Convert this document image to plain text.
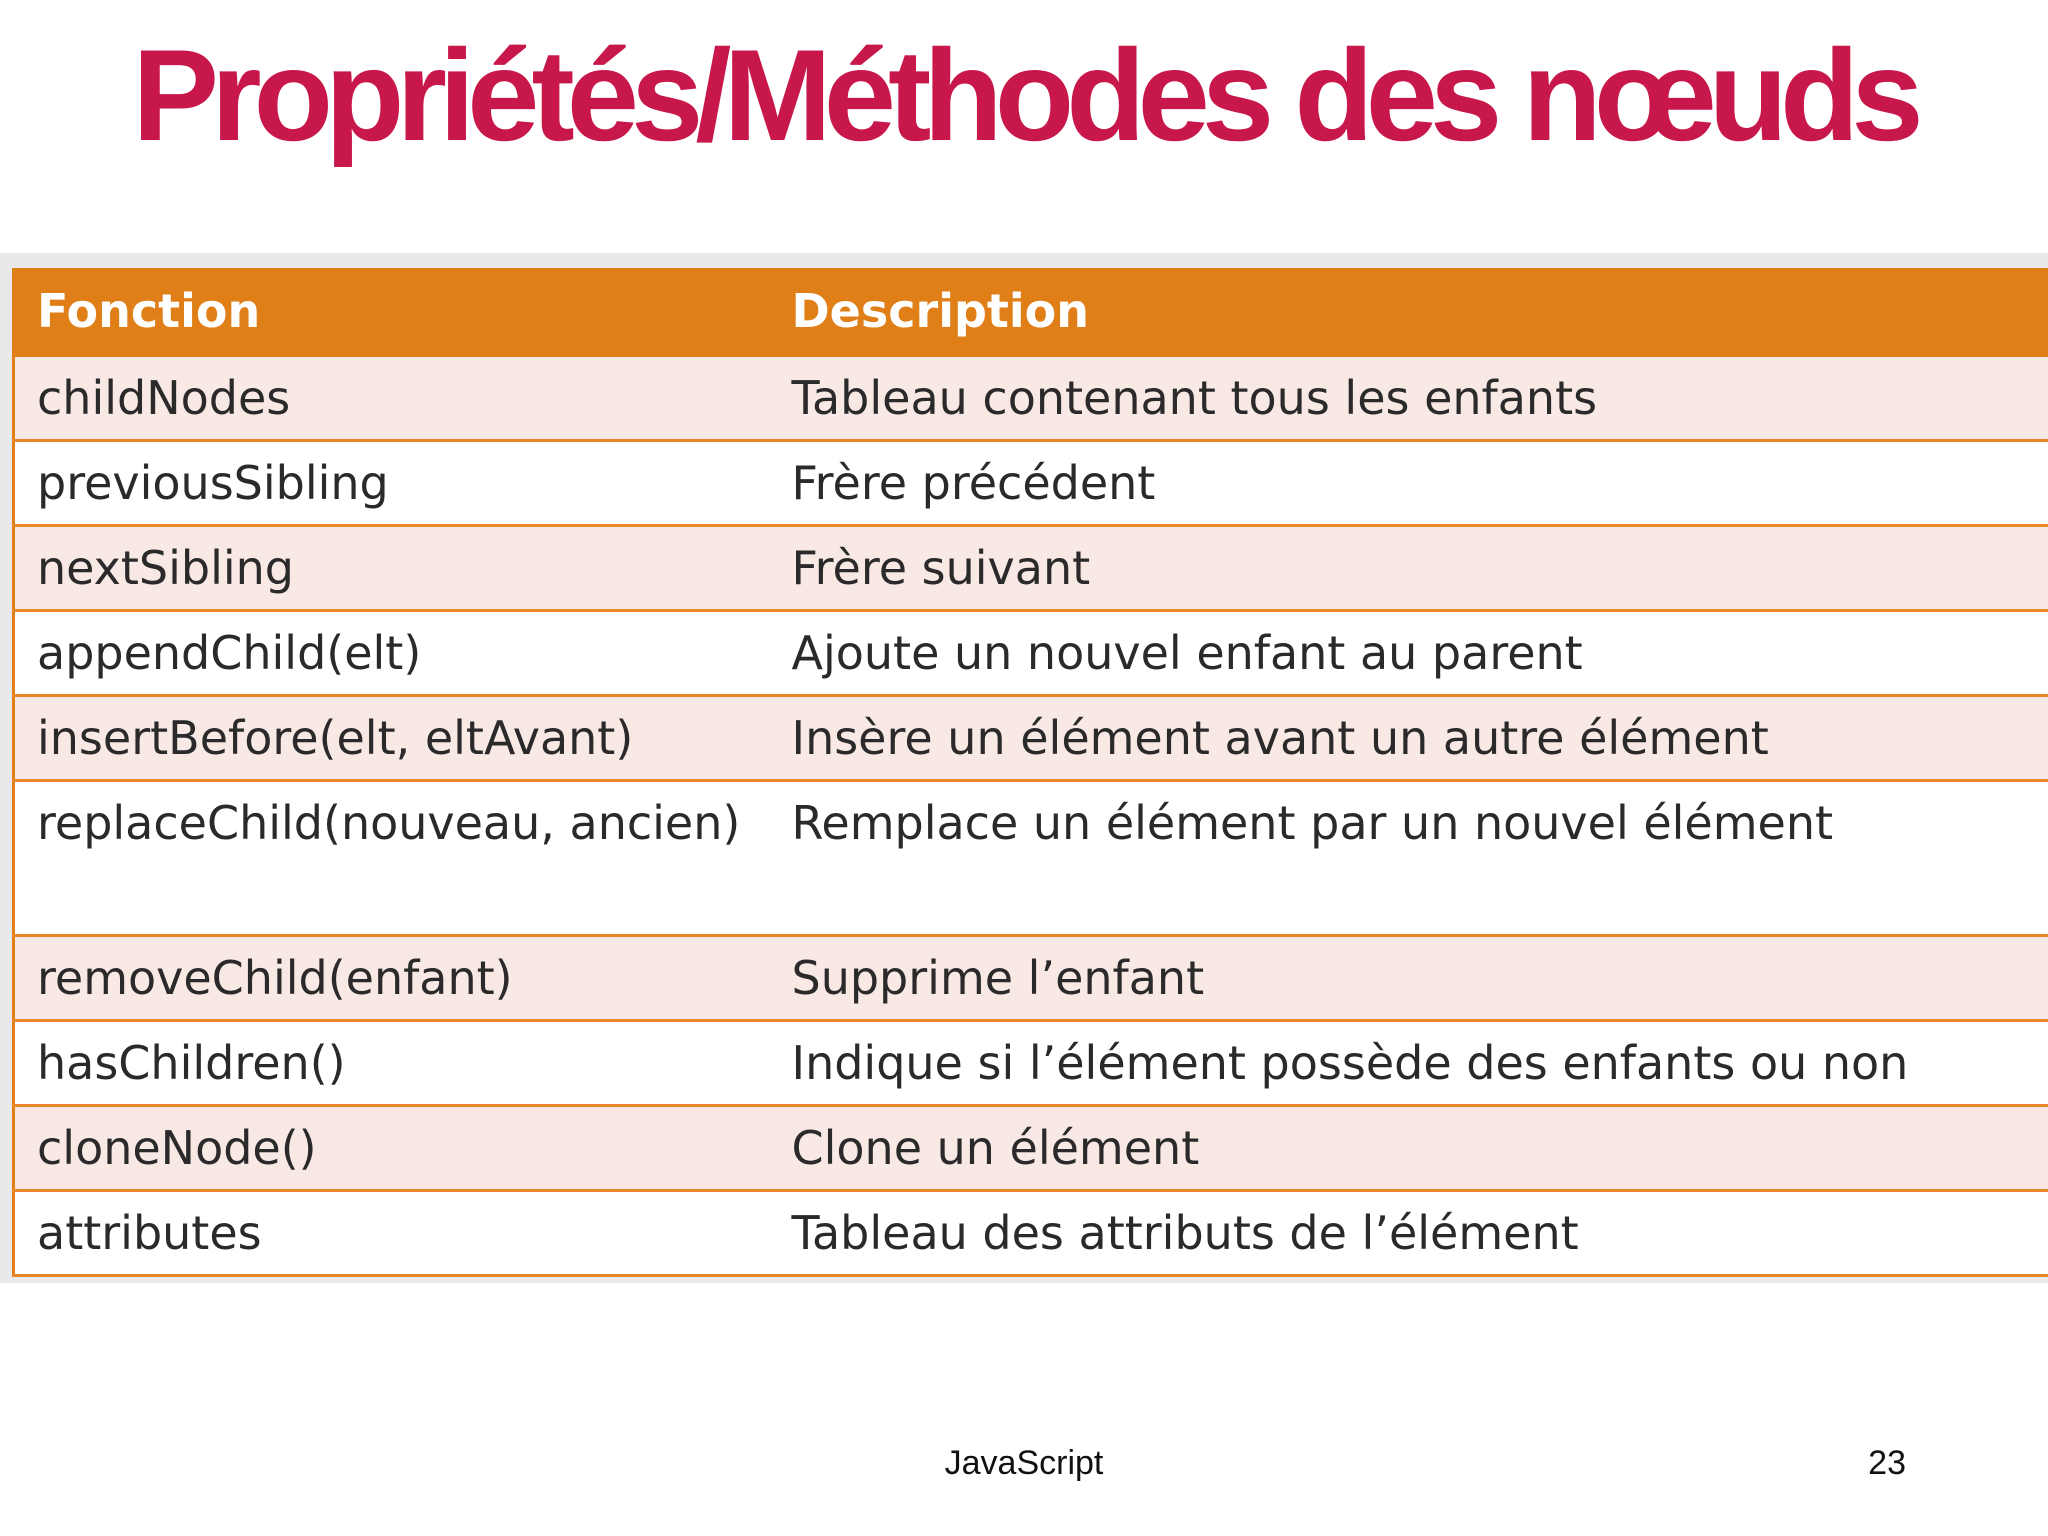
Propriétés/Méthodes des nœuds
Fonction	Description
childNodes	Tableau contenant tous les enfants
previousSibling	Frère précédent
nextSibling	Frère suivant
appendChild(elt)	Ajoute un nouvel enfant au parent
insertBefore(elt, eltAvant)	Insère un élément avant un autre élément
replaceChild(nouveau, ancien)	Remplace un élément par un nouvel élément
removeChild(enfant)	Supprime l’enfant
hasChildren()	Indique si l’élément possède des enfants ou non
cloneNode()	Clone un élément
attributes	Tableau des attributs de l’élément
JavaScript	23
